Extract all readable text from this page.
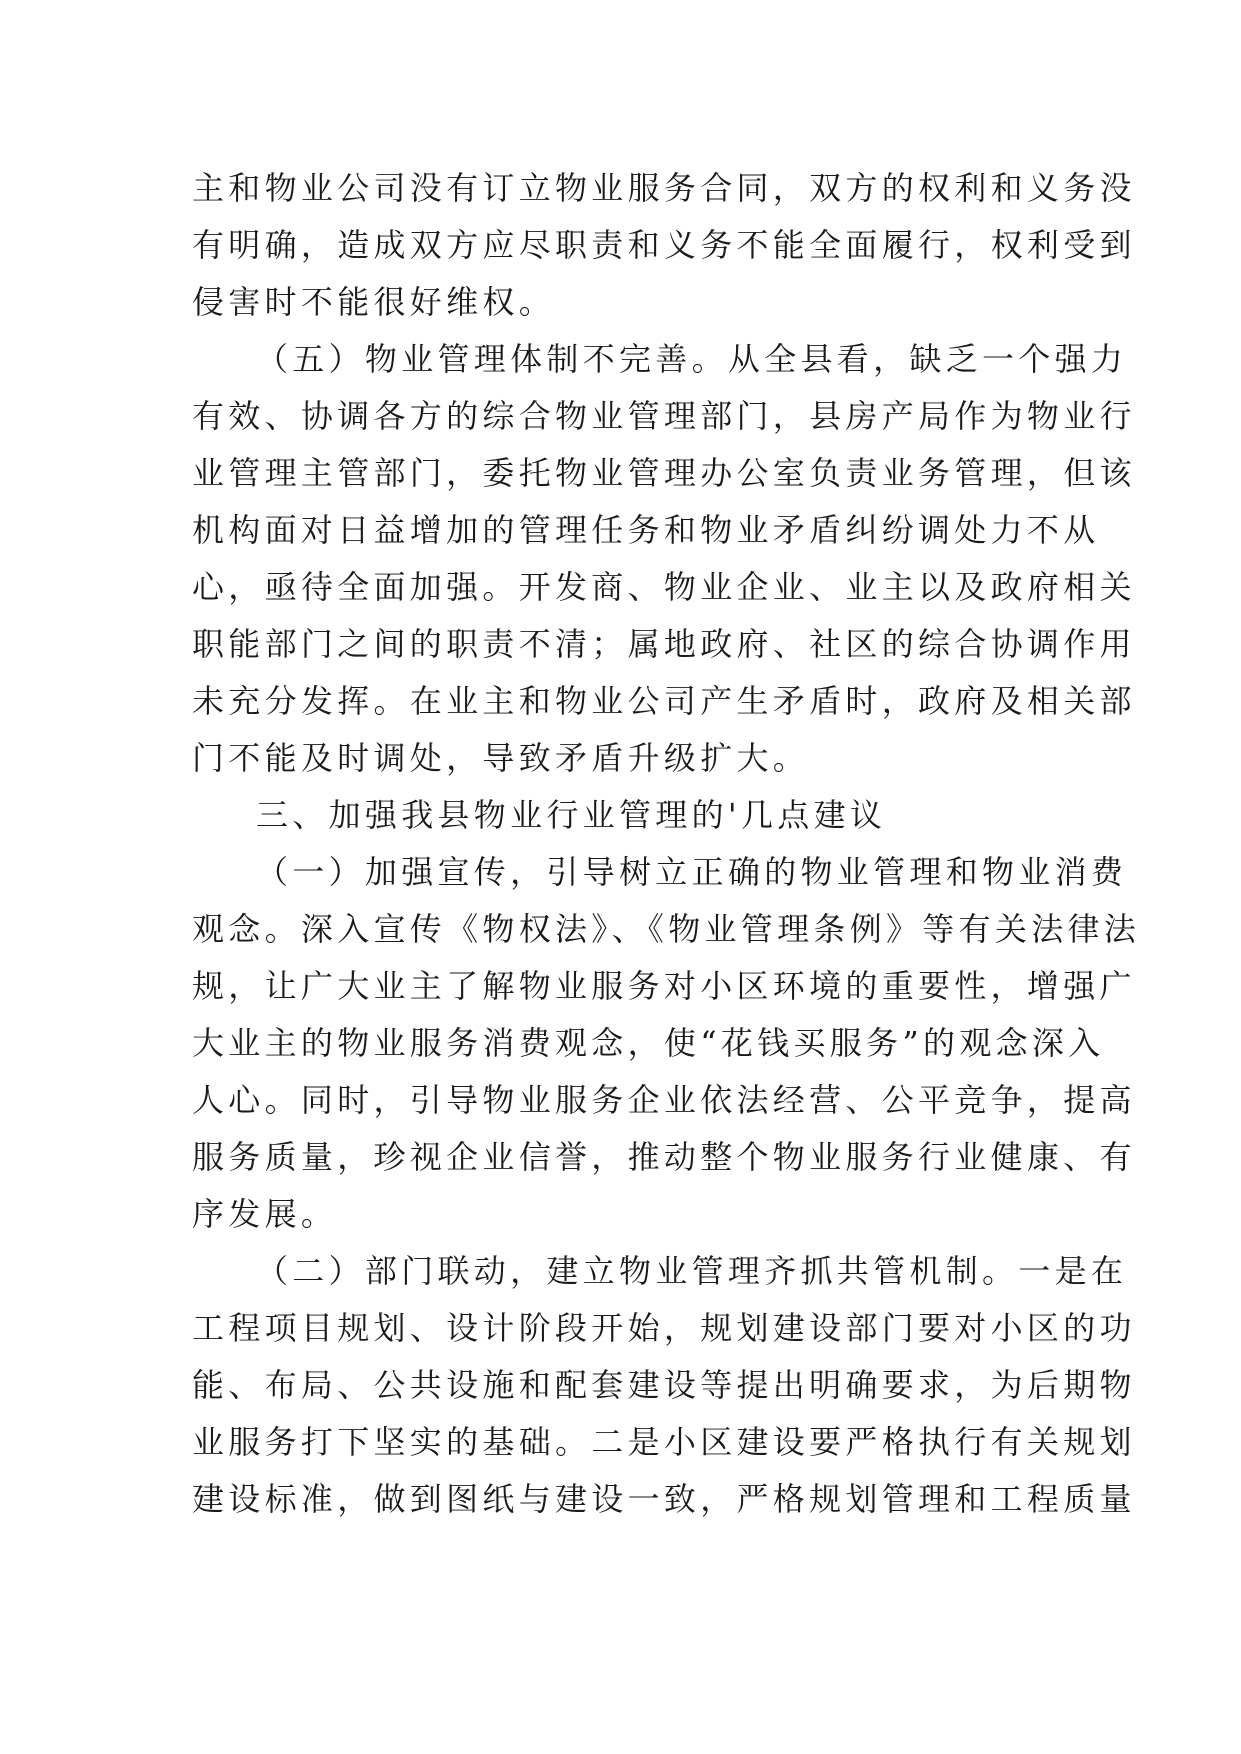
主和物业公司没有订立物业服务合同，双方的权利和义务没
有明确，造成双方应尽职责和义务不能全面履行，权利受到
侵害时不能很好维权。
（五）物业管理体制不完善。从全县看，缺乏一个强力
有效、协调各方的综合物业管理部门，县房产局作为物业行
业管理主管部门，委托物业管理办公室负责业务管理，但该
机构面对日益增加的管理任务和物业矛盾纠纷调处力不从
心，亟待全面加强。开发商、物业企业、业主以及政府相关
职能部门之间的职责不清；属地政府、社区的综合协调作用
未充分发挥。在业主和物业公司产生矛盾时，政府及相关部
门不能及时调处，导致矛盾升级扩大。
三、加强我县物业行业管理的'几点建议
（一）加强宣传，引导树立正确的物业管理和物业消费
观念。深入宣传《物权法》、《物业管理条例》等有关法律法
规，让广大业主了解物业服务对小区环境的重要性，增强广
大业主的物业服务消费观念，使“花钱买服务”的观念深入
人心。同时，引导物业服务企业依法经营、公平竞争，提高
服务质量，珍视企业信誉，推动整个物业服务行业健康、有
序发展。
（二）部门联动，建立物业管理齐抓共管机制。一是在
工程项目规划、设计阶段开始，规划建设部门要对小区的功
能、布局、公共设施和配套建设等提出明确要求，为后期物
业服务打下坚实的基础。二是小区建设要严格执行有关规划
建设标准，做到图纸与建设一致，严格规划管理和工程质量
